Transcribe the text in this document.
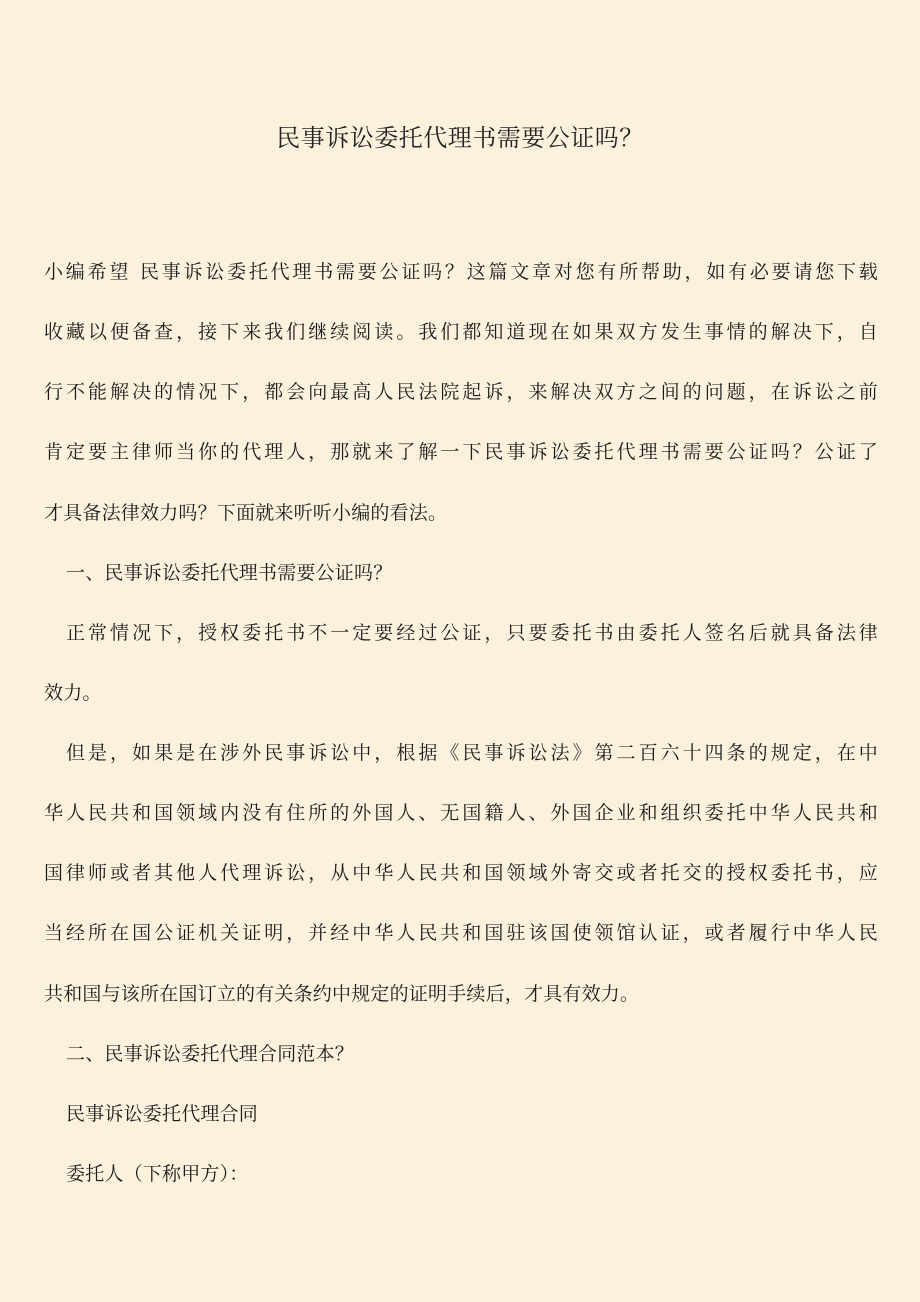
民事诉讼委托代理书需要公证吗？
小编希望 民事诉讼委托代理书需要公证吗？这篇文章对您有所帮助，如有必要请您下载
收藏以便备查，接下来我们继续阅读。我们都知道现在如果双方发生事情的解决下，自
行不能解决的情况下，都会向最高人民法院起诉，来解决双方之间的问题，在诉讼之前
肯定要主律师当你的代理人，那就来了解一下民事诉讼委托代理书需要公证吗？公证了
才具备法律效力吗？下面就来听听小编的看法。
一、民事诉讼委托代理书需要公证吗？
正常情况下，授权委托书不一定要经过公证，只要委托书由委托人签名后就具备法律
效力。
但是，如果是在涉外民事诉讼中，根据《民事诉讼法》第二百六十四条的规定，在中
华人民共和国领域内没有住所的外国人、无国籍人、外国企业和组织委托中华人民共和
国律师或者其他人代理诉讼，从中华人民共和国领域外寄交或者托交的授权委托书，应
当经所在国公证机关证明，并经中华人民共和国驻该国使领馆认证，或者履行中华人民
共和国与该所在国订立的有关条约中规定的证明手续后，才具有效力。
二、民事诉讼委托代理合同范本？
民事诉讼委托代理合同
委托人（下称甲方）：
